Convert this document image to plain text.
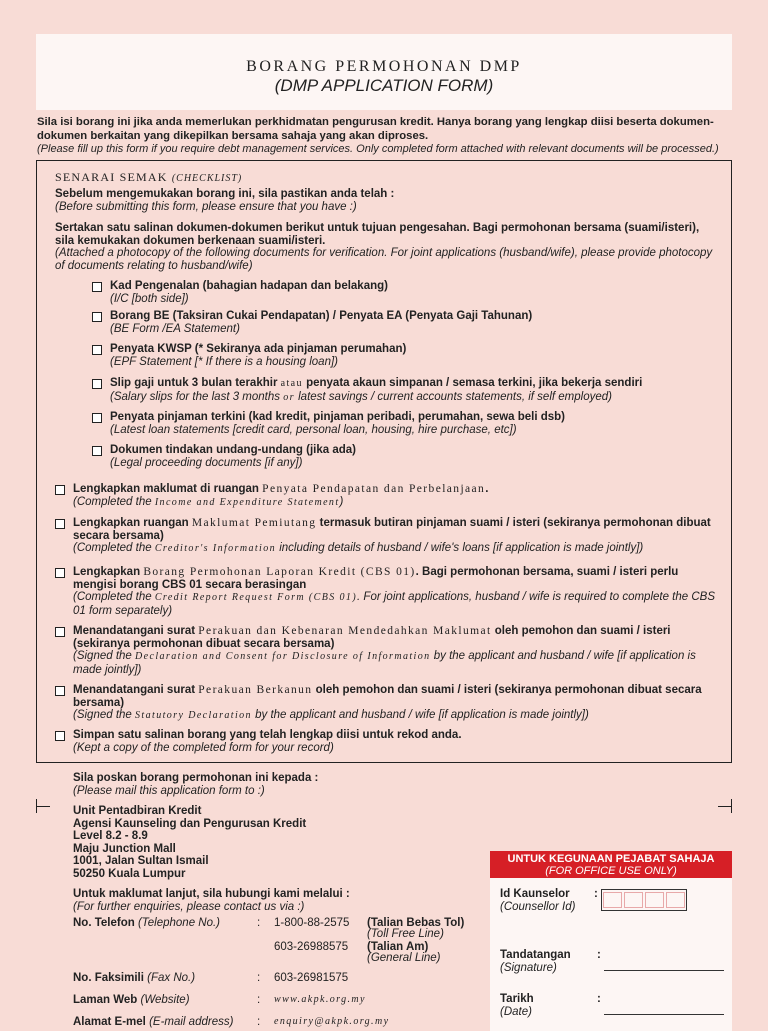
BORANG PERMOHONAN DMP
(DMP APPLICATION FORM)
Sila isi borang ini jika anda memerlukan perkhidmatan pengurusan kredit. Hanya borang yang lengkap diisi beserta dokumen-dokumen berkaitan yang dikepilkan bersama sahaja yang akan diproses.
(Please fill up this form if you require debt management services. Only completed form attached with relevant documents will be processed.)
SENARAI SEMAK (CHECKLIST)
Sebelum mengemukakan borang ini, sila pastikan anda telah :
(Before submitting this form, please ensure that you have :)
Sertakan satu salinan dokumen-dokumen berikut untuk tujuan pengesahan. Bagi permohonan bersama (suami/isteri), sila kemukakan dokumen berkenaan suami/isteri.
(Attached a photocopy of the following documents for verification. For joint applications (husband/wife), please provide photocopy of documents relating to husband/wife)
Kad Pengenalan (bahagian hadapan dan belakang)
(I/C [both side])
Borang BE (Taksiran Cukai Pendapatan) / Penyata EA (Penyata Gaji Tahunan)
(BE Form /EA Statement)
Penyata KWSP (* Sekiranya ada pinjaman perumahan)
(EPF Statement [* If there is a housing loan])
Slip gaji untuk 3 bulan terakhir atau penyata akaun simpanan / semasa terkini, jika bekerja sendiri
(Salary slips for the last 3 months or latest savings / current accounts statements, if self employed)
Penyata pinjaman terkini (kad kredit, pinjaman peribadi, perumahan, sewa beli dsb)
(Latest loan statements [credit card, personal loan, housing, hire purchase, etc])
Dokumen tindakan undang-undang (jika ada)
(Legal proceeding documents [if any])
Lengkapkan maklumat di ruangan Penyata Pendapatan dan Perbelanjaan.
(Completed the Income and Expenditure Statement)
Lengkapkan ruangan Maklumat Pemiutang termasuk butiran pinjaman suami / isteri (sekiranya permohonan dibuat secara bersama)
(Completed the Creditor's Information including details of husband / wife's loans [if application is made jointly])
Lengkapkan Borang Permohonan Laporan Kredit (CBS 01). Bagi permohonan bersama, suami / isteri perlu mengisi borang CBS 01 secara berasingan
(Completed the Credit Report Request Form (CBS 01). For joint applications, husband / wife is required to complete the CBS 01 form separately)
Menandatangani surat Perakuan dan Kebenaran Mendedahkan Maklumat oleh pemohon dan suami / isteri (sekiranya permohonan dibuat secara bersama)
(Signed the Declaration and Consent for Disclosure of Information by the applicant and husband / wife [if application is made jointly])
Menandatangani surat Perakuan Berkanun oleh pemohon dan suami / isteri (sekiranya permohonan dibuat secara bersama)
(Signed the Statutory Declaration by the applicant and husband / wife [if application is made jointly])
Simpan satu salinan borang yang telah lengkap diisi untuk rekod anda.
(Kept a copy of the completed form for your record)
Sila poskan borang permohonan ini kepada :
(Please mail this application form to :)
Unit Pentadbiran Kredit
Agensi Kaunseling dan Pengurusan Kredit
Level 8.2 - 8.9
Maju Junction Mall
1001, Jalan Sultan Ismail
50250 Kuala Lumpur
Untuk maklumat lanjut, sila hubungi kami melalui :
(For further enquiries, please contact us via :)
No. Telefon (Telephone No.)	: 1-800-88-2575 (Talian Bebas Tol)
(Toll Free Line)
603-26988575 (Talian Am)
(General Line)
No. Faksimili (Fax No.)	: 603-26981575
Laman Web (Website)	: www.akpk.org.my
Alamat E-mel (E-mail address) : enquiry@akpk.org.my
UNTUK KEGUNAAN PEJABAT SAHAJA
(FOR OFFICE USE ONLY)
Id Kaunselor
(Counsellor Id)
:
Tandatangan
(Signature)
:
Tarikh
(Date)
:
